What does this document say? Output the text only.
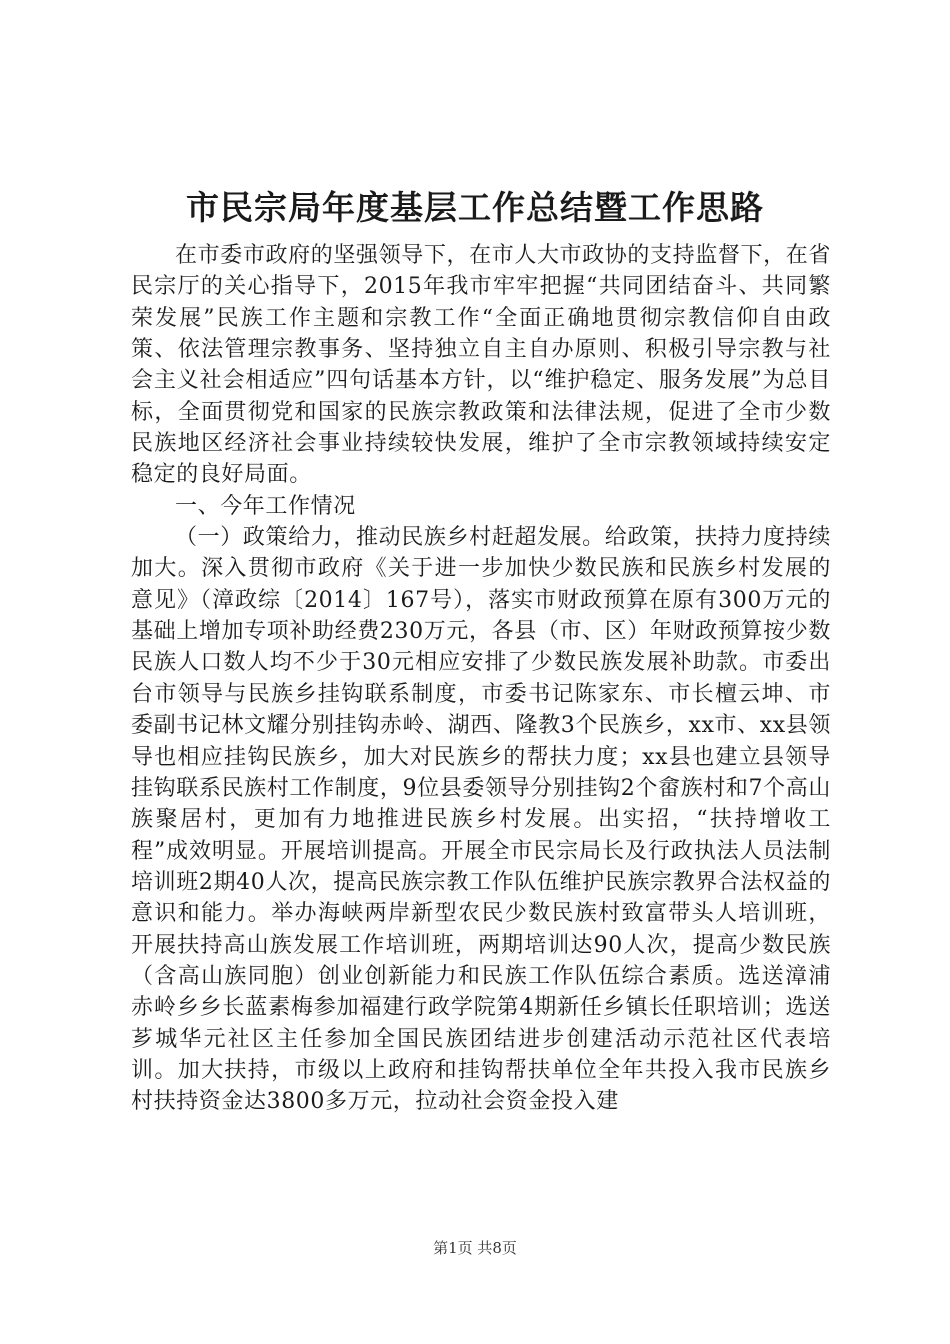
市民宗局年度基层工作总结暨工作思路

在市委市政府的坚强领导下，在市人大市政协的支持监督下，在省民宗厅的关心指导下，2015年我市牢牢把握“共同团结奋斗、共同繁荣发展”民族工作主题和宗教工作“全面正确地贯彻宗教信仰自由政策、依法管理宗教事务、坚持独立自主自办原则、积极引导宗教与社会主义社会相适应”四句话基本方针，以“维护稳定、服务发展”为总目标，全面贯彻党和国家的民族宗教政策和法律法规，促进了全市少数民族地区经济社会事业持续较快发展，维护了全市宗教领域持续安定稳定的良好局面。

一、今年工作情况

（一）政策给力，推动民族乡村赶超发展。给政策，扶持力度持续加大。深入贯彻市政府《关于进一步加快少数民族和民族乡村发展的意见》（漳政综〔2014〕167号），落实市财政预算在原有300万元的基础上增加专项补助经费230万元，各县（市、区）年财政预算按少数民族人口数人均不少于30元相应安排了少数民族发展补助款。市委出台市领导与民族乡挂钩联系制度，市委书记陈家东、市长檀云坤、市委副书记林文耀分别挂钩赤岭、湖西、隆教3个民族乡，xx市、xx县领导也相应挂钩民族乡，加大对民族乡的帮扶力度；xx县也建立县领导挂钩联系民族村工作制度，9位县委领导分别挂钩2个畲族村和7个高山族聚居村，更加有力地推进民族乡村发展。出实招，“扶持增收工程”成效明显。开展培训提高。开展全市民宗局长及行政执法人员法制培训班2期40人次，提高民族宗教工作队伍维护民族宗教界合法权益的意识和能力。举办海峡两岸新型农民少数民族村致富带头人培训班，开展扶持高山族发展工作培训班，两期培训达90人次，提高少数民族（含高山族同胞）创业创新能力和民族工作队伍综合素质。选送漳浦赤岭乡乡长蓝素梅参加福建行政学院第4期新任乡镇长任职培训；选送芗城华元社区主任参加全国民族团结进步创建活动示范社区代表培训。加大扶持，市级以上政府和挂钩帮扶单位全年共投入我市民族乡村扶持资金达3800多万元，拉动社会资金投入建

第1页 共8页
